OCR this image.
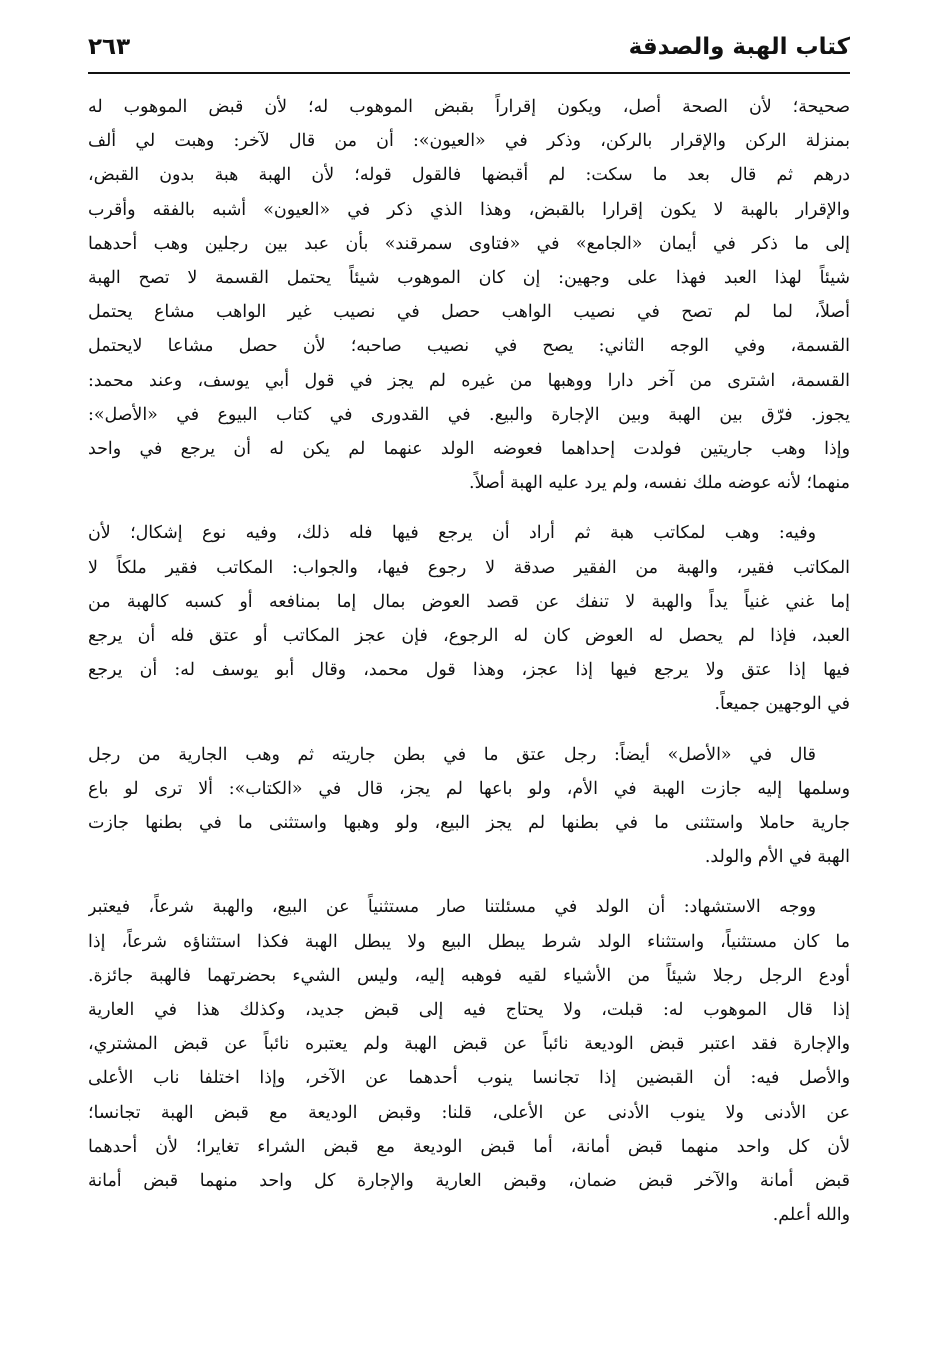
كتاب الهبة والصدقة
٢٦٣

صحيحة؛ لأن الصحة أصل، ويكون إقراراً بقبض الموهوب له؛ لأن قبض الموهوب له
بمنزلة الركن والإقرار بالركن، وذكر في «العيون»: أن من قال لآخر: وهبت لي ألف
درهم ثم قال بعد ما سكت: لم أقبضها فالقول قوله؛ لأن الهبة هبة بدون القبض،
والإقرار بالهبة لا يكون إقرارا بالقبض، وهذا الذي ذكر في «العيون» أشبه بالفقه وأقرب
إلى ما ذكر في أيمان «الجامع» في «فتاوى سمرقند» بأن عبد بين رجلين وهب أحدهما
شيئاً لهذا العبد فهذا على وجهين: إن كان الموهوب شيئاً يحتمل القسمة لا تصح الهبة
أصلاً، لما لم تصح في نصيب الواهب حصل في نصيب غير الواهب مشاع يحتمل
القسمة، وفي الوجه الثاني: يصح في نصيب صاحبه؛ لأن حصل مشاعا لايحتمل
القسمة، اشترى من آخر دارا ووهبها من غيره لم يجز في قول أبي يوسف، وعند محمد:
يجوز. فرّق بين الهبة وبين الإجارة والبيع. في القدورى في كتاب البيوع في «الأصل»:
وإذا وهب جاريتين فولدت إحداهما فعوضه الولد عنهما لم يكن له أن يرجع في واحد
منهما؛ لأنه عوضه ملك نفسه، ولم يرد عليه الهبة أصلاً.

وفيه: وهب لمكاتب هبة ثم أراد أن يرجع فيها فله ذلك، وفيه نوع إشكال؛ لأن
المكاتب فقير، والهبة من الفقير صدقة لا رجوع فيها، والجواب: المكاتب فقير ملكاً لا
إما غني غنياً يداً والهبة لا تنفك عن قصد العوض بمال إما بمنافعه أو كسبه كالهبة من
العبد، فإذا لم يحصل له العوض كان له الرجوع، فإن عجز المكاتب أو عتق فله أن يرجع
فيها إذا عتق ولا يرجع فيها إذا عجز، وهذا قول محمد، وقال أبو يوسف له: أن يرجع
في الوجهين جميعاً.

قال في «الأصل» أيضاً: رجل عتق ما في بطن جاريته ثم وهب الجارية من رجل
وسلمها إليه جازت الهبة في الأم، ولو باعها لم يجز، قال في «الكتاب»: ألا ترى لو باع
جارية حاملا واستثنى ما في بطنها لم يجز البيع، ولو وهبها واستثنى ما في بطنها جازت
الهبة في الأم والولد.

ووجه الاستشهاد: أن الولد في مسئلتنا صار مستثنياً عن البيع، والهبة شرعاً، فيعتبر
ما كان مستثنياً، واستثناء الولد شرط يبطل البيع ولا يبطل الهبة فكذا استثناؤه شرعاً، إذا
أودع الرجل رجلا شيئاً من الأشياء لقيه فوهبه إليه، وليس الشيء بحضرتهما فالهبة جائزة.
إذا قال الموهوب له: قبلت، ولا يحتاج فيه إلى قبض جديد، وكذلك هذا في العارية
والإجارة فقد اعتبر قبض الوديعة نائباً عن قبض الهبة ولم يعتبره نائباً عن قبض المشتري،
والأصل فيه: أن القبضين إذا تجانسا ينوب أحدهما عن الآخر، وإذا اختلفا ناب الأعلى
عن الأدنى ولا ينوب الأدنى عن الأعلى، قلنا: وقبض الوديعة مع قبض الهبة تجانسا؛
لأن كل واحد منهما قبض أمانة، أما قبض الوديعة مع قبض الشراء تغايرا؛ لأن أحدهما
قبض أمانة والآخر قبض ضمان، وقبض العارية والإجارة كل واحد منهما قبض أمانة
والله أعلم.
